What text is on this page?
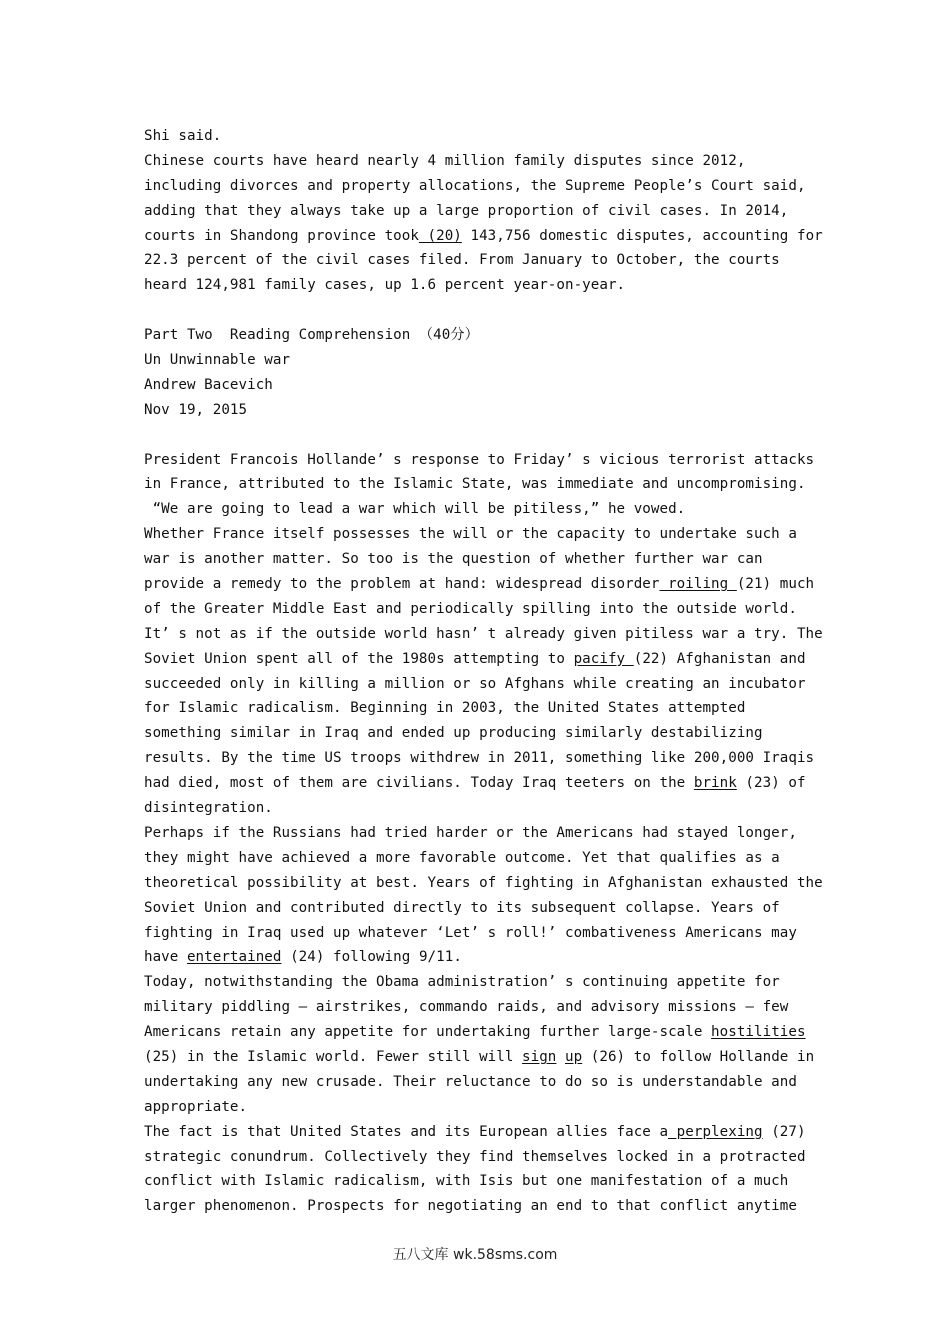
Shi said.
Chinese courts have heard nearly 4 million family disputes since 2012,
including divorces and property allocations, the Supreme People’s Court said,
adding that they always take up a large proportion of civil cases. In 2014,
courts in Shandong province took (20) 143,756 domestic disputes, accounting for
22.3 percent of the civil cases filed. From January to October, the courts
heard 124,981 family cases, up 1.6 percent year-on-year.
Part Two  Reading Comprehension （40分）
Un Unwinnable war
Andrew Bacevich
Nov 19, 2015
President Francois Hollande’ s response to Friday’ s vicious terrorist attacks
in France, attributed to the Islamic State, was immediate and uncompromising.
“We are going to lead a war which will be pitiless,” he vowed.
Whether France itself possesses the will or the capacity to undertake such a
war is another matter. So too is the question of whether further war can
provide a remedy to the problem at hand: widespread disorder roiling (21) much
of the Greater Middle East and periodically spilling into the outside world.
It’ s not as if the outside world hasn’ t already given pitiless war a try. The
Soviet Union spent all of the 1980s attempting to pacify (22) Afghanistan and
succeeded only in killing a million or so Afghans while creating an incubator
for Islamic radicalism. Beginning in 2003, the United States attempted
something similar in Iraq and ended up producing similarly destabilizing
results. By the time US troops withdrew in 2011, something like 200,000 Iraqis
had died, most of them are civilians. Today Iraq teeters on the brink (23) of
disintegration.
Perhaps if the Russians had tried harder or the Americans had stayed longer,
they might have achieved a more favorable outcome. Yet that qualifies as a
theoretical possibility at best. Years of fighting in Afghanistan exhausted the
Soviet Union and contributed directly to its subsequent collapse. Years of
fighting in Iraq used up whatever ‘Let’ s roll!’ combativeness Americans may
have entertained (24) following 9/11.
Today, notwithstanding the Obama administration’ s continuing appetite for
military piddling – airstrikes, commando raids, and advisory missions – few
Americans retain any appetite for undertaking further large-scale hostilities
(25) in the Islamic world. Fewer still will sign up (26) to follow Hollande in
undertaking any new crusade. Their reluctance to do so is understandable and
appropriate.
The fact is that United States and its European allies face a perplexing (27)
strategic conundrum. Collectively they find themselves locked in a protracted
conflict with Islamic radicalism, with Isis but one manifestation of a much
larger phenomenon. Prospects for negotiating an end to that conflict anytime
五八文库 wk.58sms.com
